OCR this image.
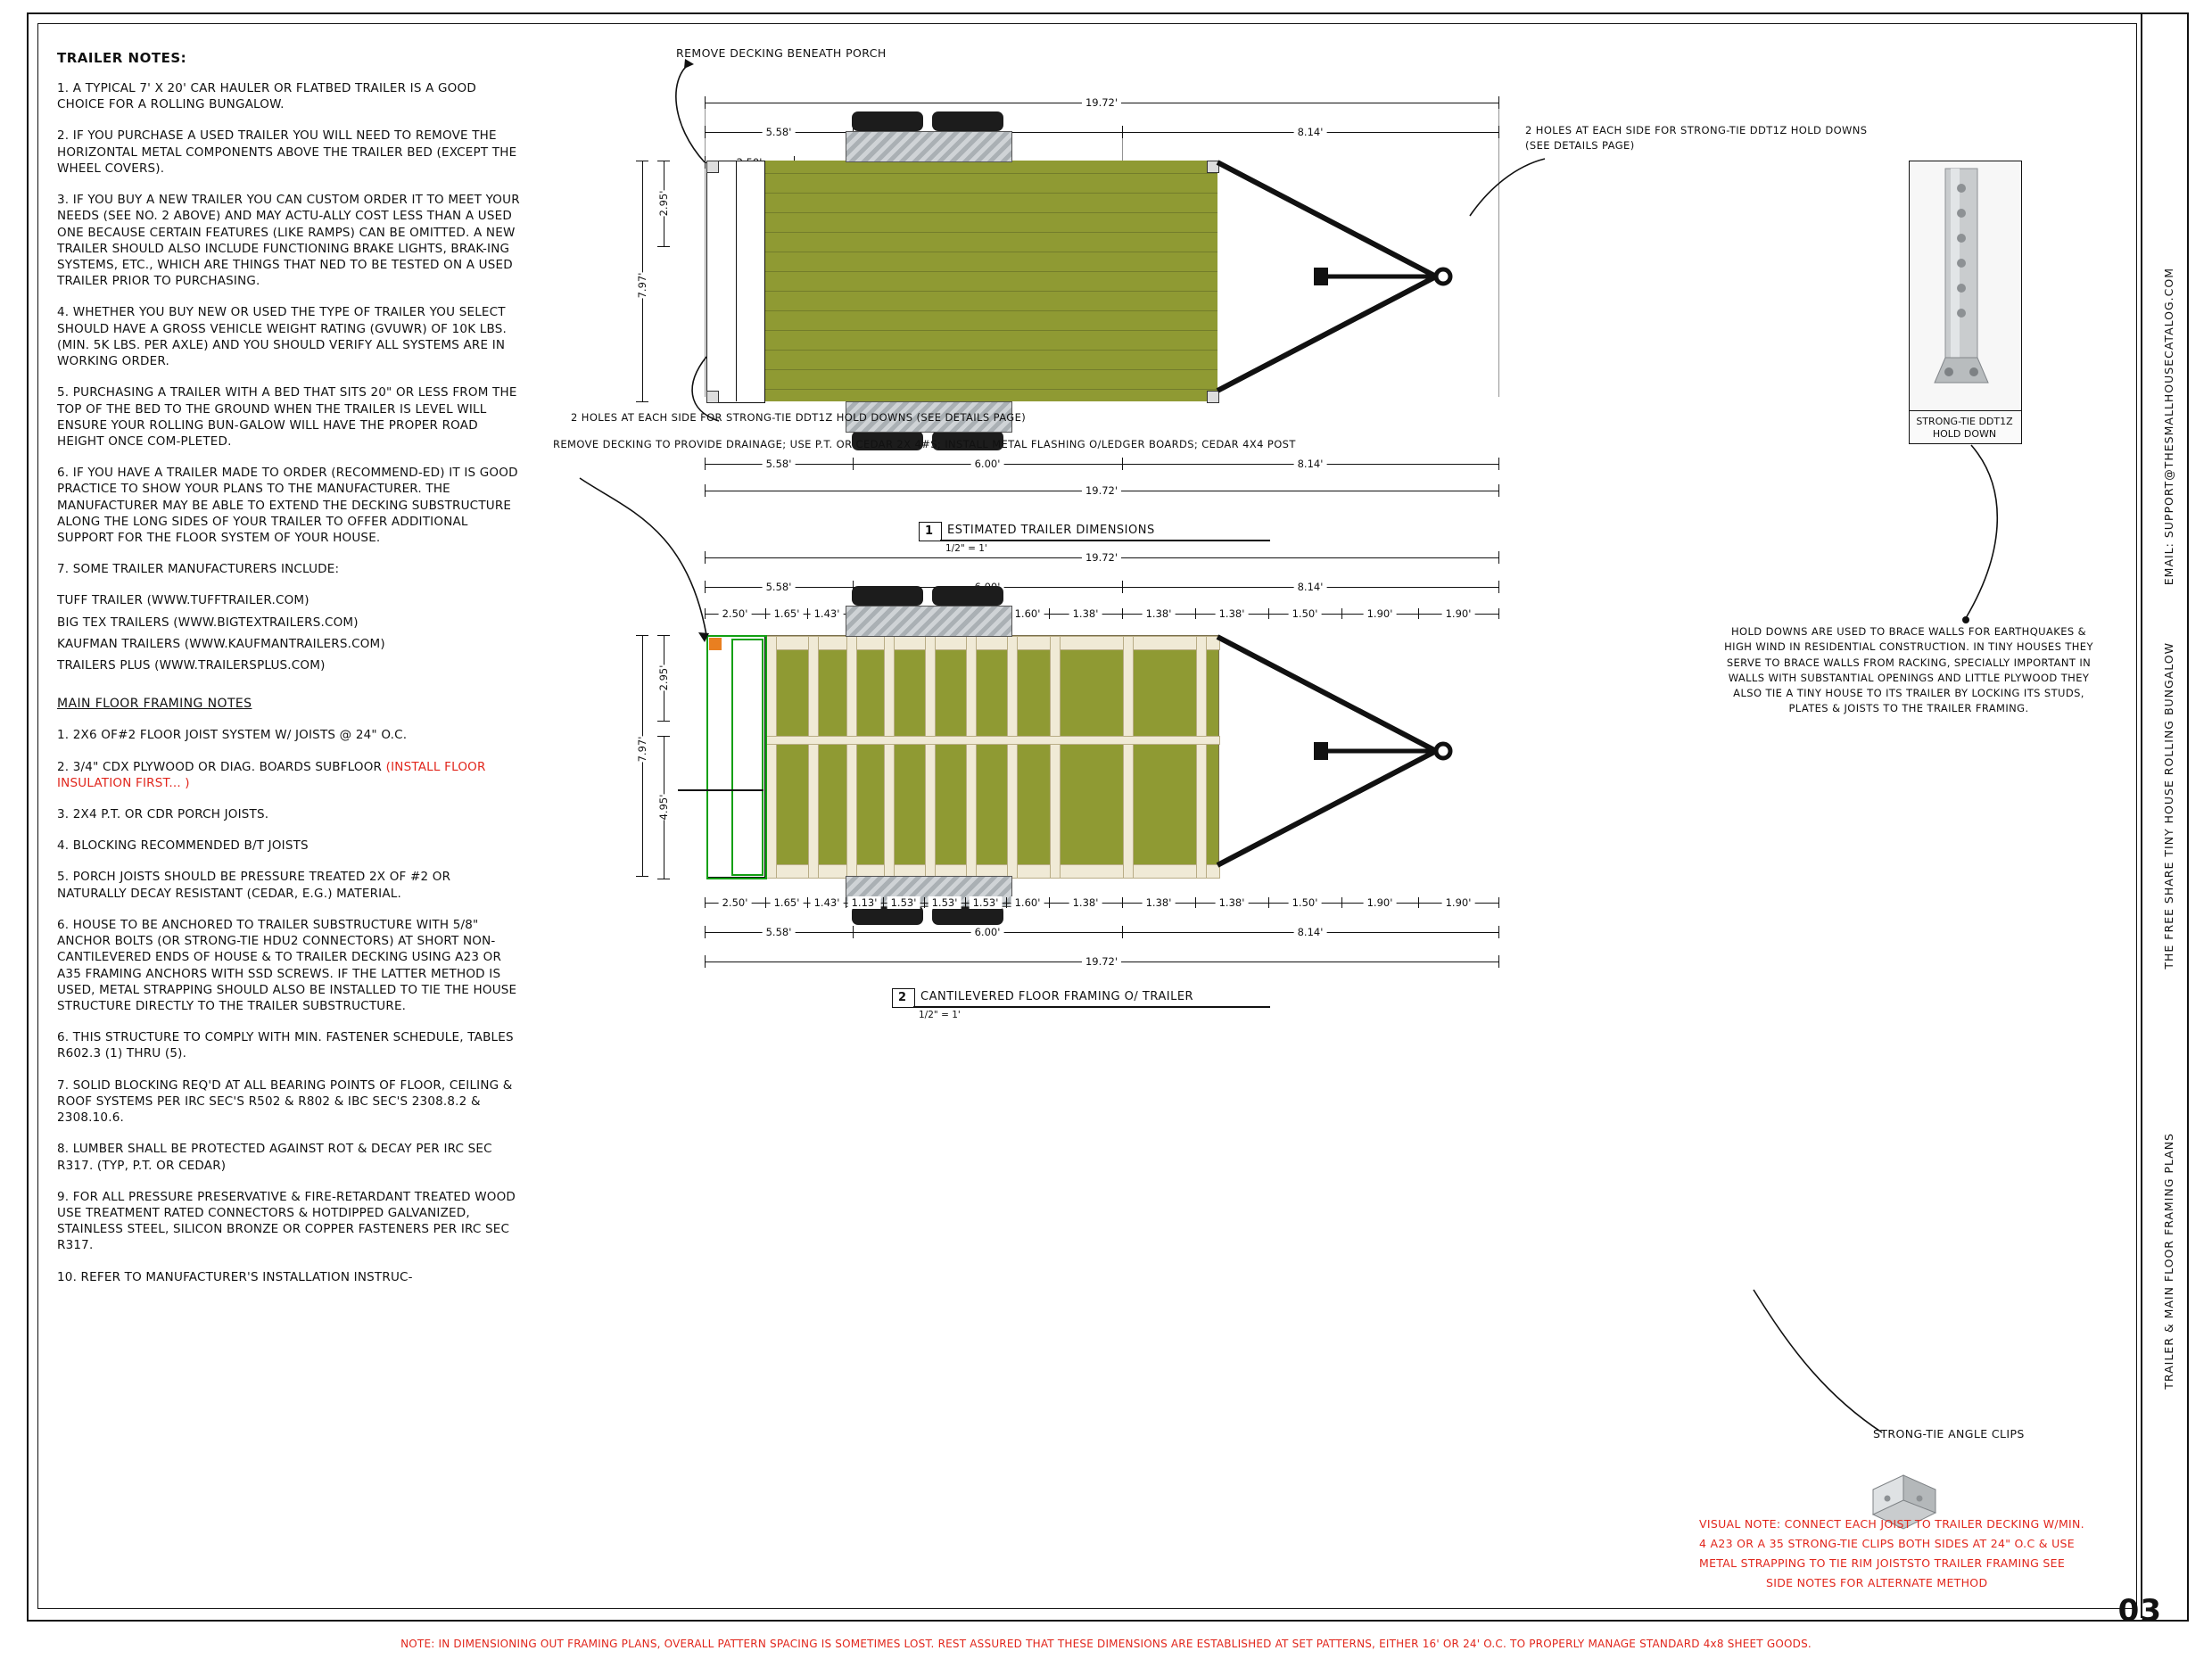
TRAILER NOTES:

1. A TYPICAL 7' X 20' CAR HAULER OR FLATBED TRAILER IS A GOOD CHOICE FOR A ROLLING BUNGALOW.

2. IF YOU PURCHASE A USED TRAILER YOU WILL NEED TO REMOVE THE HORIZONTAL METAL COMPONENTS ABOVE THE TRAILER BED (EXCEPT THE WHEEL COVERS).

3. IF YOU BUY A NEW TRAILER YOU CAN CUSTOM ORDER IT TO MEET YOUR NEEDS (SEE NO. 2 ABOVE) AND MAY ACTU-ALLY COST LESS THAN A USED ONE BECAUSE CERTAIN FEATURES (LIKE RAMPS) CAN BE OMITTED. A NEW TRAILER SHOULD ALSO INCLUDE FUNCTIONING BRAKE LIGHTS, BRAK-ING SYSTEMS, ETC., WHICH ARE THINGS THAT NED TO BE TESTED ON A USED TRAILER PRIOR TO PURCHASING.

4. WHETHER YOU BUY NEW OR USED THE TYPE OF TRAILER YOU SELECT SHOULD HAVE A GROSS VEHICLE WEIGHT RATING (GVUWR) OF 10K LBS. (MIN. 5K LBS. PER AXLE) AND YOU SHOULD VERIFY ALL SYSTEMS ARE IN WORKING ORDER.

5. PURCHASING A TRAILER WITH A BED THAT SITS 20" OR LESS FROM THE TOP OF THE BED TO THE GROUND WHEN THE TRAILER IS LEVEL WILL ENSURE YOUR ROLLING BUN-GALOW WILL HAVE THE PROPER ROAD HEIGHT ONCE COM-PLETED.

6. IF YOU HAVE A TRAILER MADE TO ORDER (RECOMMEND-ED) IT IS GOOD PRACTICE TO SHOW YOUR PLANS TO THE MANUFACTURER. THE MANUFACTURER MAY BE ABLE TO EXTEND THE DECKING SUBSTRUCTURE ALONG THE LONG SIDES OF YOUR TRAILER TO OFFER ADDITIONAL SUPPORT FOR THE FLOOR SYSTEM OF YOUR HOUSE.

7. SOME TRAILER MANUFACTURERS INCLUDE:

TUFF TRAILER (WWW.TUFFTRAILER.COM)

BIG TEX TRAILERS (WWW.BIGTEXTRAILERS.COM)

KAUFMAN TRAILERS (WWW.KAUFMANTRAILERS.COM)

TRAILERS PLUS (WWW.TRAILERSPLUS.COM)

MAIN FLOOR FRAMING NOTES

1. 2X6 OF#2 FLOOR JOIST SYSTEM W/ JOISTS @ 24" O.C.

2. 3/4" CDX PLYWOOD OR DIAG. BOARDS SUBFLOOR (INSTALL FLOOR INSULATION FIRST... )

3. 2X4 P.T. OR CDR PORCH JOISTS.

4. BLOCKING RECOMMENDED B/T JOISTS

5. PORCH JOISTS SHOULD BE PRESSURE TREATED 2X OF #2 OR NATURALLY DECAY RESISTANT (CEDAR, E.G.) MATERIAL.

6. HOUSE TO BE ANCHORED TO TRAILER SUBSTRUCTURE WITH 5/8" ANCHOR BOLTS (OR STRONG-TIE HDU2 CONNECTORS) AT SHORT NON-CANTILEVERED ENDS OF HOUSE & TO TRAILER DECKING USING A23 OR A35 FRAMING ANCHORS WITH SSD SCREWS. IF THE LATTER METHOD IS USED, METAL STRAPPING SHOULD ALSO BE INSTALLED TO TIE THE HOUSE STRUCTURE DIRECTLY TO THE TRAILER SUBSTRUCTURE.

6. THIS STRUCTURE TO COMPLY WITH MIN. FASTENER SCHEDULE, TABLES R602.3 (1) THRU (5).

7. SOLID BLOCKING REQ'D AT ALL BEARING POINTS OF FLOOR, CEILING & ROOF SYSTEMS PER IRC SEC'S R502 & R802 & IBC SEC'S 2308.8.2 & 2308.10.6.

8. LUMBER SHALL BE PROTECTED AGAINST ROT & DECAY PER IRC SEC R317. (TYP, P.T. OR CEDAR)

9. FOR ALL PRESSURE PRESERVATIVE & FIRE-RETARDANT TREATED WOOD USE TREATMENT RATED CONNECTORS & HOTDIPPED GALVANIZED, STAINLESS STEEL, SILICON BRONZE OR COPPER FASTENERS PER IRC SEC R317.

10. REFER TO MANUFACTURER'S INSTALLATION INSTRUC-

19.72'
5.58'	8.14'
2.95'
7.97'
5.58'	6.00'	8.14'
19.72'
REMOVE DECKING BENEATH PORCH
2 HOLES AT EACH SIDE FOR STRONG-TIE DDT1Z HOLD DOWNS (SEE DETAILS PAGE)
2 HOLES AT EACH SIDE FOR STRONG-TIE DDT1Z HOLD DOWNS (SEE DETAILS PAGE)
1 ESTIMATED TRAILER DIMENSIONS
1/2" = 1'
19.72'
5.58'	8.14'
2.50'	1.65'	1.43'	1.60'	1.38'	1.38'	1.38'	1.50'	1.90'	1.90'
2.95'
7.97'
4.95'
2.50'	1.65'	1.43'	1.13'	1.53'	1.53'	1.53'	1.60'	1.38'	1.38'	1.38'	1.50'	1.90'	1.90'
5.58'	6.00'	8.14'
19.72'
REMOVE DECKING TO PROVIDE DRAINAGE; USE P.T. OR CEDAR 2X 4#S; INSTALL METAL FLASHING O/LEDGER BOARDS; CEDAR 4X4 POST
2 CANTILEVERED FLOOR FRAMING O/ TRAILER
1/2" = 1'
STRONG-TIE DDT1Z
HOLD DOWN
HOLD DOWNS ARE USED TO BRACE WALLS FOR EARTHQUAKES & HIGH WIND IN RESIDENTIAL CONSTRUCTION. IN TINY HOUSES THEY SERVE TO BRACE WALLS FROM RACKING, SPECIALLY IMPORTANT IN WALLS WITH SUBSTANTIAL OPENINGS AND LITTLE PLYWOOD THEY ALSO TIE A TINY HOUSE TO ITS TRAILER BY LOCKING ITS STUDS, PLATES & JOISTS TO THE TRAILER FRAMING.
STRONG-TIE ANGLE CLIPS
VISUAL NOTE: CONNECT EACH JOIST TO TRAILER DECKING W/MIN.
4 A23 OR A 35 STRONG-TIE CLIPS BOTH SIDES AT 24" O.C & USE
METAL STRAPPING TO TIE RIM JOISTSTO TRAILER FRAMING SEE
SIDE NOTES FOR ALTERNATE METHOD
EMAIL: SUPPORT@THESMALLHOUSECATALOG.COM
THE FREE SHARE TINY HOUSE ROLLING BUNGALOW
TRAILER & MAIN FLOOR FRAMING PLANS
03
NOTE: IN DIMENSIONING OUT FRAMING PLANS, OVERALL PATTERN SPACING IS SOMETIMES LOST. REST ASSURED THAT THESE DIMENSIONS ARE ESTABLISHED AT SET PATTERNS, EITHER 16' OR 24' O.C. TO PROPERLY MANAGE STANDARD 4x8 SHEET GOODS.
